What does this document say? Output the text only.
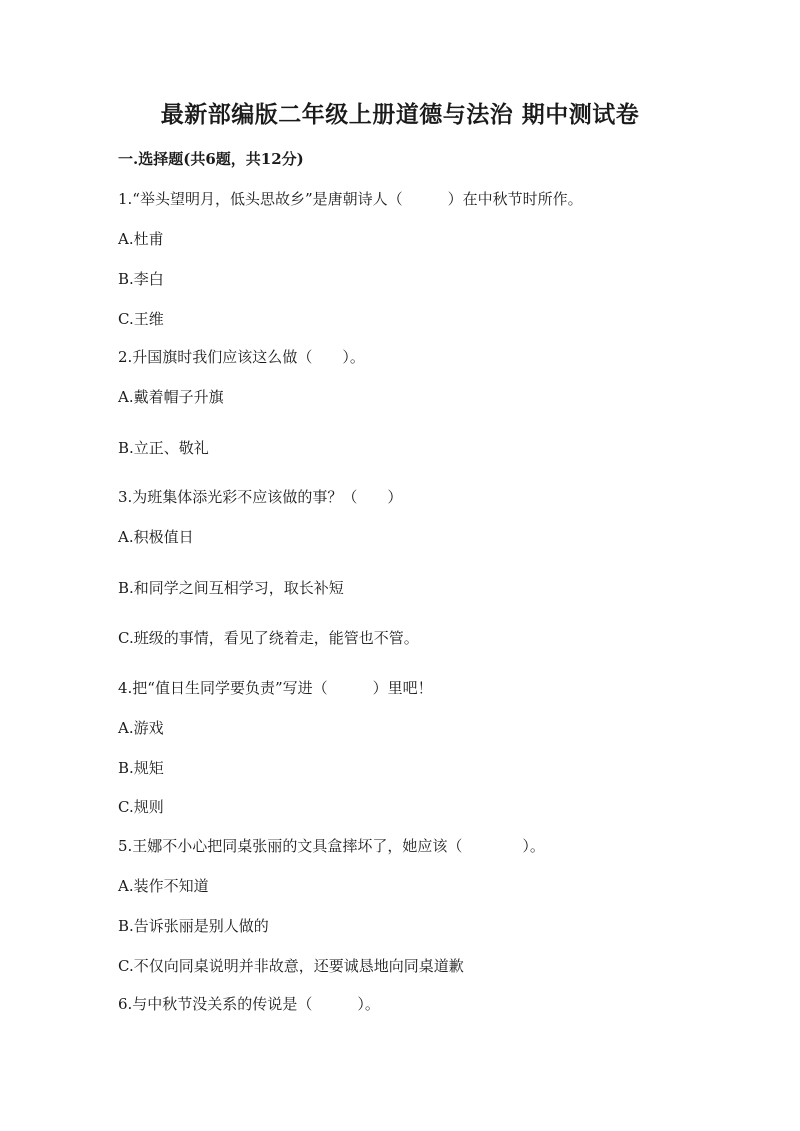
最新部编版二年级上册道德与法治 期中测试卷
一.选择题(共6题，共12分)
1.“举头望明月，低头思故乡”是唐朝诗人（　　　）在中秋节时所作。
A.杜甫
B.李白
C.王维
2.升国旗时我们应该这么做（　　）。
A.戴着帽子升旗
B.立正、敬礼
3.为班集体添光彩不应该做的事？（　　）
A.积极值日
B.和同学之间互相学习，取长补短
C.班级的事情，看见了绕着走，能管也不管。
4.把“值日生同学要负责”写进（　　　）里吧！
A.游戏
B.规矩
C.规则
5.王娜不小心把同桌张丽的文具盒摔坏了，她应该（　　　　）。
A.装作不知道
B.告诉张丽是别人做的
C.不仅向同桌说明并非故意，还要诚恳地向同桌道歉
6.与中秋节没关系的传说是（　　　）。
